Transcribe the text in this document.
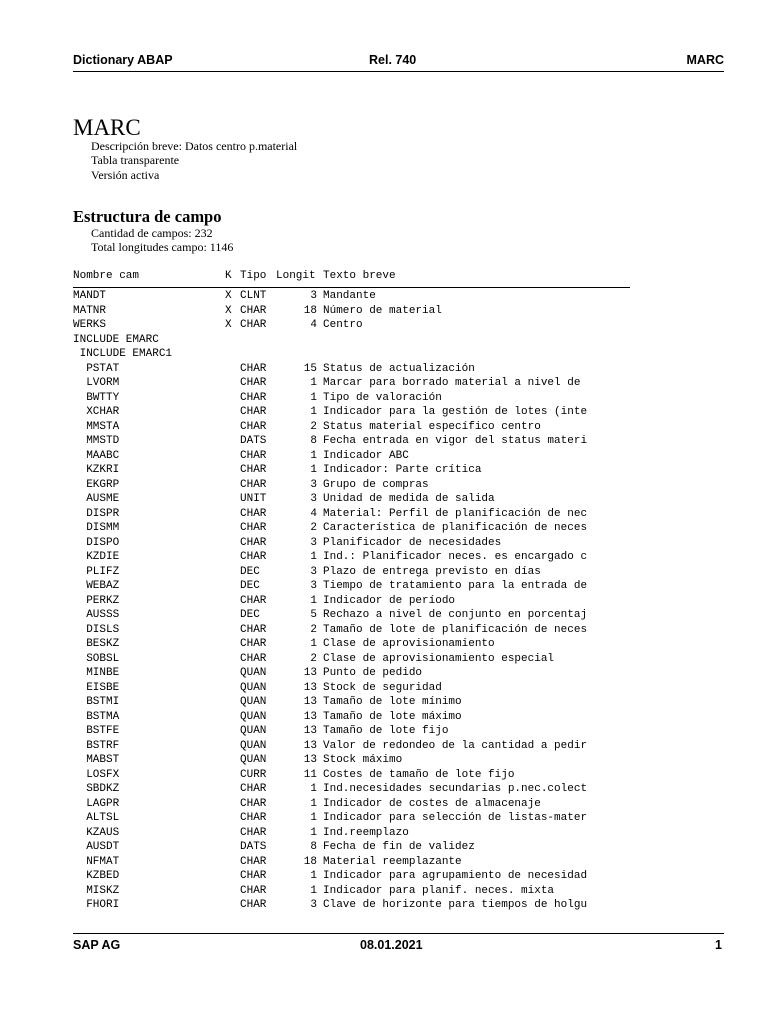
Dictionary ABAP	Rel. 740	MARC
MARC
Descripción breve: Datos centro p.material
Tabla transparente
Versión activa
Estructura de campo
Cantidad de campos: 232
Total longitudes campo: 1146
Nombre cam	K Tipo Longit Texto breve
MANDT	X CLNT	3 Mandante
MATNR	X CHAR	18 Número de material
WERKS	X CHAR	4 Centro
INCLUDE EMARC
INCLUDE EMARC1
PSTAT	CHAR	15 Status de actualización
LVORM	CHAR	1 Marcar para borrado material a nivel de
BWTTY	CHAR	1 Tipo de valoración
XCHAR	CHAR	1 Indicador para la gestión de lotes (inte
MMSTA	CHAR	2 Status material específico centro
MMSTD	DATS	8 Fecha entrada en vigor del status materi
MAABC	CHAR	1 Indicador ABC
KZKRI	CHAR	1 Indicador: Parte crítica
EKGRP	CHAR	3 Grupo de compras
AUSME	UNIT	3 Unidad de medida de salida
DISPR	CHAR	4 Material: Perfil de planificación de nec
DISMM	CHAR	2 Característica de planificación de neces
DISPO	CHAR	3 Planificador de necesidades
KZDIE	CHAR	1 Ind.: Planificador neces. es encargado c
PLIFZ	DEC	3 Plazo de entrega previsto en días
WEBAZ	DEC	3 Tiempo de tratamiento para la entrada de
PERKZ	CHAR	1 Indicador de período
AUSSS	DEC	5 Rechazo a nivel de conjunto en porcentaj
DISLS	CHAR	2 Tamaño de lote de planificación de neces
BESKZ	CHAR	1 Clase de aprovisionamiento
SOBSL	CHAR	2 Clase de aprovisionamiento especial
MINBE	QUAN	13 Punto de pedido
EISBE	QUAN	13 Stock de seguridad
BSTMI	QUAN	13 Tamaño de lote mínimo
BSTMA	QUAN	13 Tamaño de lote máximo
BSTFE	QUAN	13 Tamaño de lote fijo
BSTRF	QUAN	13 Valor de redondeo de la cantidad a pedir
MABST	QUAN	13 Stock máximo
LOSFX	CURR	11 Costes de tamaño de lote fijo
SBDKZ	CHAR	1 Ind.necesidades secundarias p.nec.colect
LAGPR	CHAR	1 Indicador de costes de almacenaje
ALTSL	CHAR	1 Indicador para selección de listas-mater
KZAUS	CHAR	1 Ind.reemplazo
AUSDT	DATS	8 Fecha de fin de validez
NFMAT	CHAR	18 Material reemplazante
KZBED	CHAR	1 Indicador para agrupamiento de necesidad
MISKZ	CHAR	1 Indicador para planif. neces. mixta
FHORI	CHAR	3 Clave de horizonte para tiempos de holgu
SAP AG	08.01.2021	1
